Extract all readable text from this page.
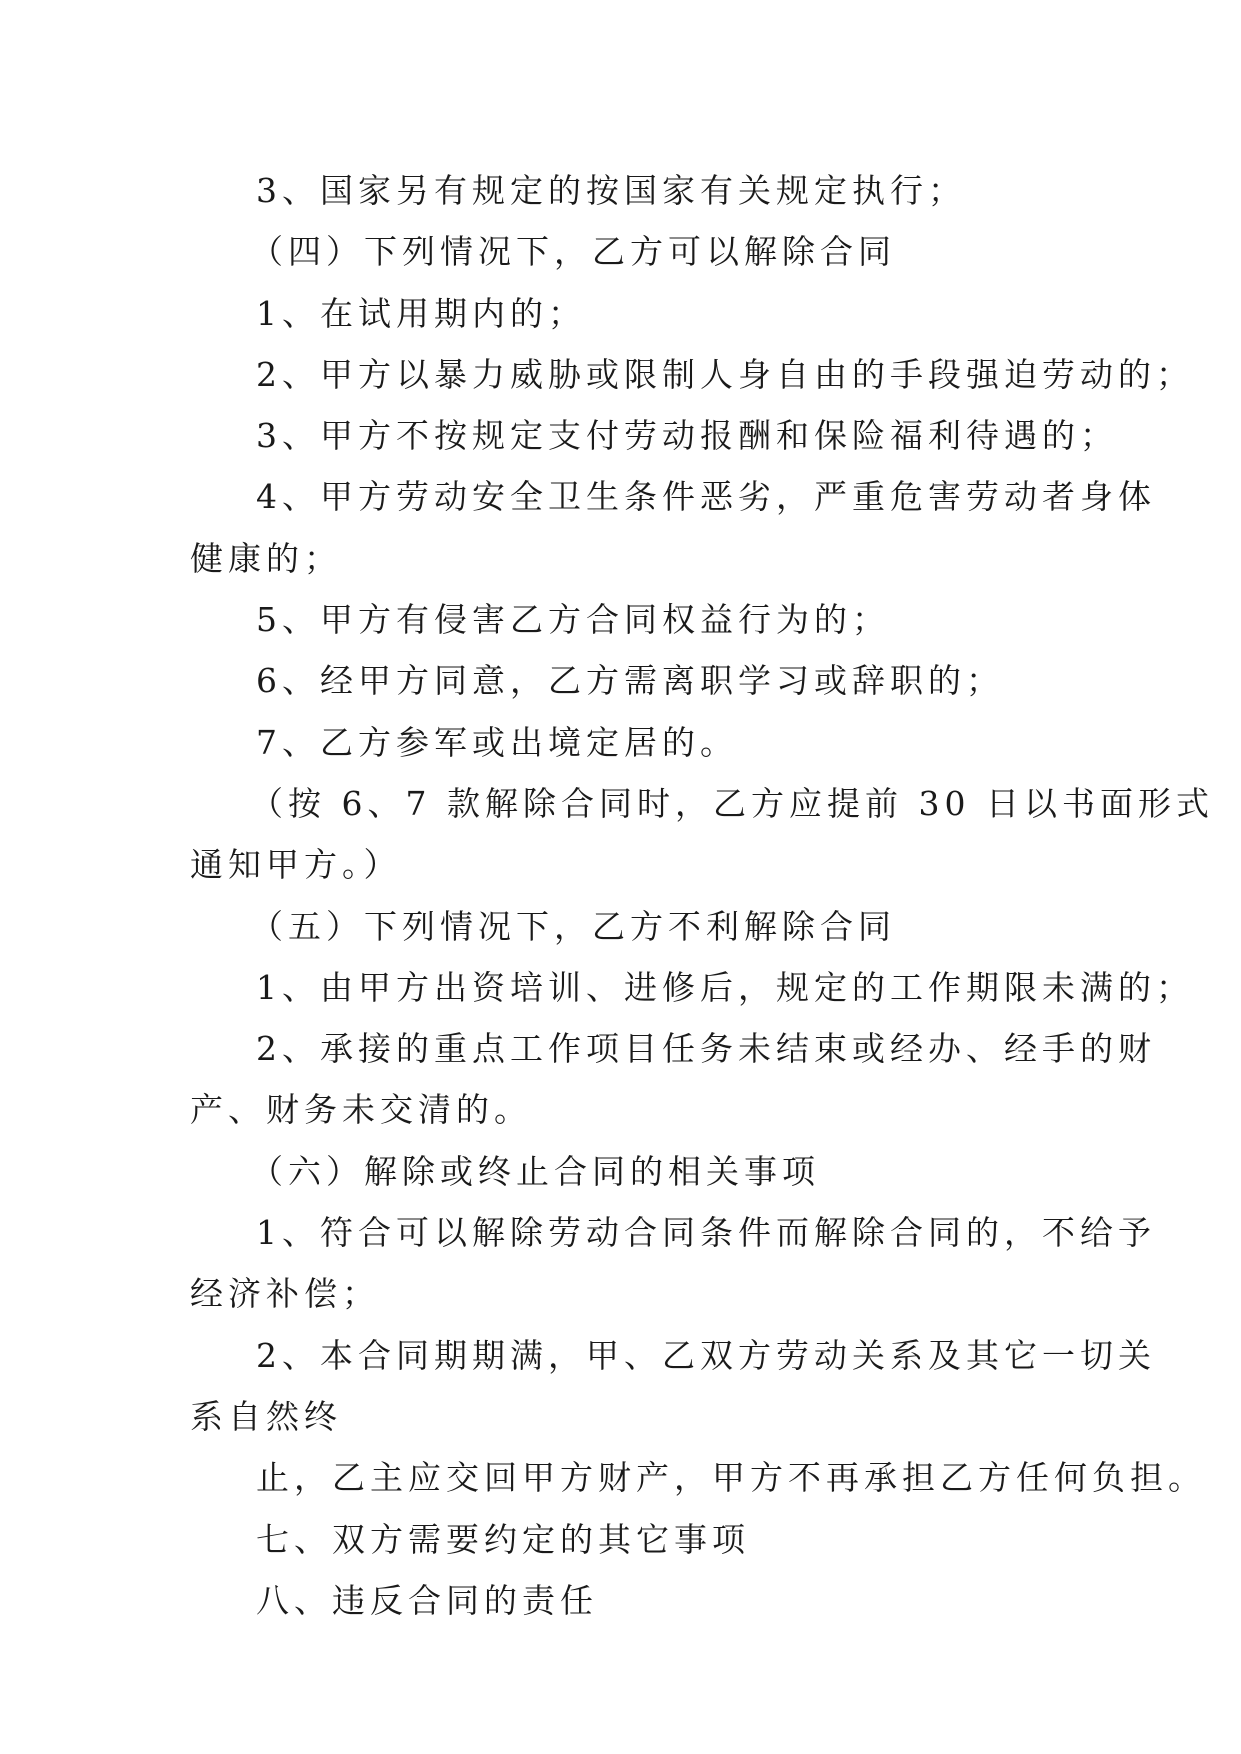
3、国家另有规定的按国家有关规定执行；
（四）下列情况下，乙方可以解除合同
1、在试用期内的；
2、甲方以暴力威胁或限制人身自由的手段强迫劳动的；
3、甲方不按规定支付劳动报酬和保险福利待遇的；
4、甲方劳动安全卫生条件恶劣，严重危害劳动者身体
健康的；
5、甲方有侵害乙方合同权益行为的；
6、经甲方同意，乙方需离职学习或辞职的；
7、乙方参军或出境定居的。
（按 6、7 款解除合同时，乙方应提前 30 日以书面形式
通知甲方。）
（五）下列情况下，乙方不利解除合同
1、由甲方出资培训、进修后，规定的工作期限未满的；
2、承接的重点工作项目任务未结束或经办、经手的财
产、财务未交清的。
（六）解除或终止合同的相关事项
1、符合可以解除劳动合同条件而解除合同的，不给予
经济补偿；
2、本合同期期满，甲、乙双方劳动关系及其它一切关
系自然终
止，乙主应交回甲方财产，甲方不再承担乙方任何负担。
七、双方需要约定的其它事项
八、违反合同的责任
